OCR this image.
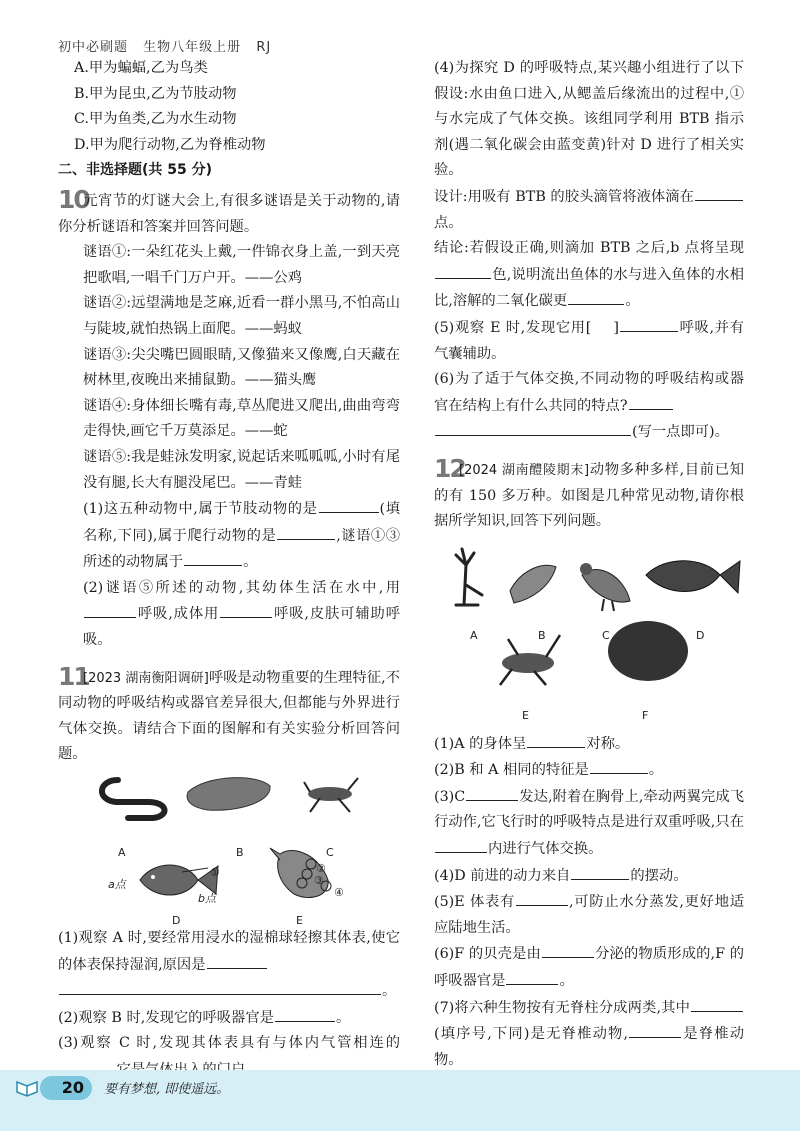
初中必刷题 生物八年级上册 RJ

A.甲为蝙蝠,乙为鸟类

B.甲为昆虫,乙为节肢动物

C.甲为鱼类,乙为水生动物

D.甲为爬行动物,乙为脊椎动物

二、非选择题(共 55 分)

10元宵节的灯谜大会上,有很多谜语是关于动物的,请你分析谜语和答案并回答问题。

谜语①:一朵红花头上戴,一件锦衣身上盖,一到天亮把歌唱,一唱千门万户开。——公鸡

谜语②:远望满地是芝麻,近看一群小黑马,不怕高山与陡坡,就怕热锅上面爬。——蚂蚁

谜语③:尖尖嘴巴圆眼睛,又像猫来又像鹰,白天藏在树林里,夜晚出来捕鼠勤。——猫头鹰

谜语④:身体细长嘴有毒,草丛爬进又爬出,曲曲弯弯走得快,画它千万莫添足。——蛇

谜语⑤:我是蛙泳发明家,说起话来呱呱呱,小时有尾没有腿,长大有腿没尾巴。——青蛙

(1)这五种动物中,属于节肢动物的是	(填名称,下同),属于爬行动物的是	,谜语①③所述的动物属于	。

(2)谜语⑤所述的动物,其幼体生活在水中,用呼吸,成体用	呼吸,皮肤可辅助呼吸。

11[2023 湖南衡阳调研]呼吸是动物重要的生理特征,不同动物的呼吸结构或器官差异很大,但都能与外界进行气体交换。请结合下面的图解和有关实验分析回答问题。

A	B	C
D	E
a点
b点
①	②
③
④

(1)观察 A 时,要经常用浸水的湿棉球轻擦其体表,使它的体表保持湿润,原因是
。

(2)观察 B 时,发现它的呼吸器官是	。

(3)观察 C 时,发现其体表具有与体内气管相连的

(4)为探究 D 的呼吸特点,某兴趣小组进行了以下假设:水由鱼口进入,从鳃盖后缘流出的过程中,①与水完成了气体交换。该组同学利用 BTB 指示剂(遇二氧化碳会由蓝变黄)针对 D 进行了相关实验。

设计:用吸有 BTB 的胶头滴管将液体滴在点。

结论:若假设正确,则滴加 BTB 之后,b 点将呈现色,说明流出鱼体的水与进入鱼体的水相比,溶解的二氧化碳更	。

(5)观察 E 时,发现它用[ ]	呼吸,并有气囊辅助。

(6)为了适于气体交换,不同动物的呼吸结构或器官在结构上有什么共同的特点?
(写一点即可)。

12[2024 湖南醴陵期末]动物多种多样,目前已知的有 150 多万种。如图是几种常见动物,请你根据所学知识,回答下列问题。

A	B	C	D
E	F

(1)A 的身体呈	对称。

(2)B 和 A 相同的特征是	。

(3)C	发达,附着在胸骨上,牵动两翼完成飞行动作,它飞行时的呼吸特点是进行双重呼吸,只在内进行气体交换。

(4)D 前进的动力来自	的摆动。

(5)E 体表有	,可防止水分蒸发,更好地适应陆地生活。

(6)F 的贝壳是由	分泌的物质形成的,F 的呼吸器官是	。

(7)将六种生物按有无脊柱分成两类,其中(填序号,下同)是无脊椎动物,	是脊椎动物。

20	要有梦想, 即使遥远。
